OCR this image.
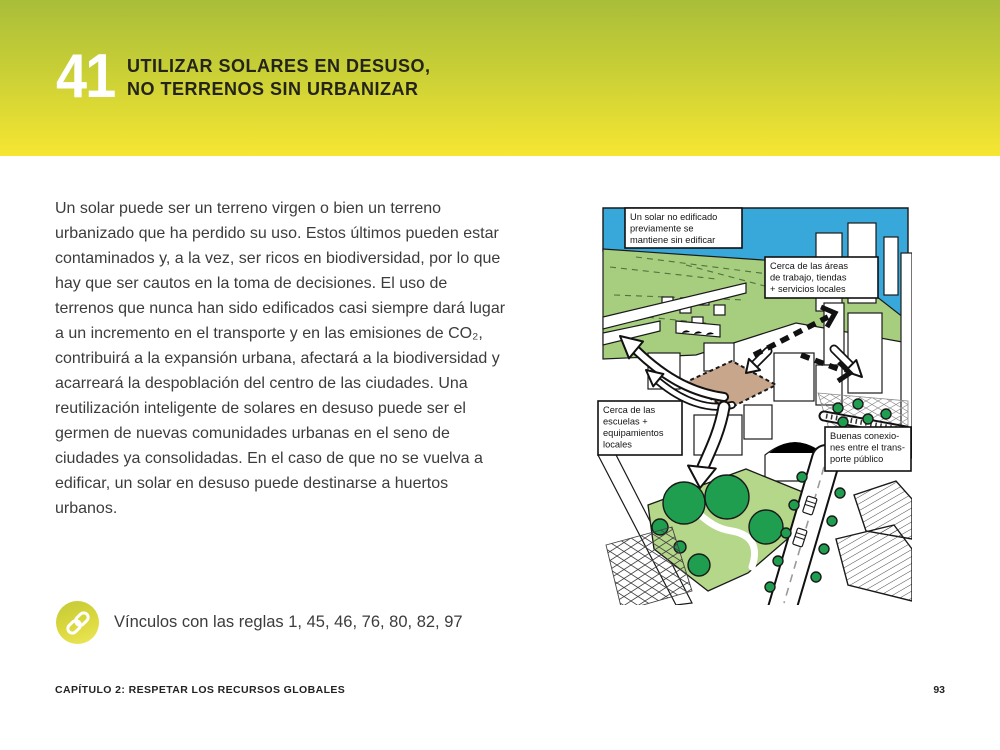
41 UTILIZAR SOLARES EN DESUSO,
NO TERRENOS SIN URBANIZAR

Un solar puede ser un terreno virgen o bien un terreno urbanizado que ha perdido su uso. Estos últimos pueden estar contaminados y, a la vez, ser ricos en biodiversidad, por lo que hay que ser cautos en la toma de decisiones. El uso de terrenos que nunca han sido edificados casi siempre dará lugar a un incremento en el transporte y en las emisiones de CO₂, contribuirá a la expansión urbana, afectará a la biodiversidad y acarreará la despoblación del centro de las ciudades. Una reutilización inteligente de solares en desuso puede ser el germen de nuevas comunidades urbanas en el seno de ciudades ya consolidadas. En el caso de que no se vuelva a edificar, un solar en desuso puede destinarse a huertos urbanos.

Vínculos con las reglas 1, 45, 46, 76, 80, 82, 97
CAPÍTULO 2: RESPETAR LOS RECURSOS GLOBALES	93
Un solar no edificado previamente se mantiene sin edificar
Cerca de las áreas de trabajo, tiendas + servicios locales
Cerca de las escuelas + equipamientos locales
Buenas conexio- nes entre el trans- porte público
